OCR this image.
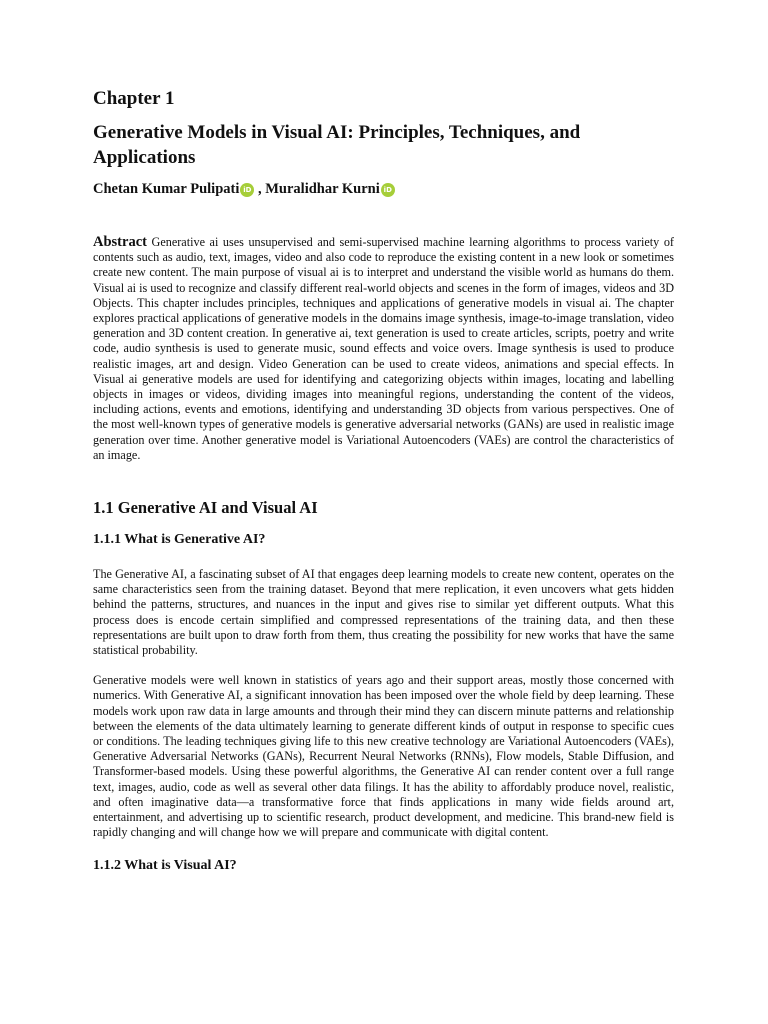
Chapter 1
Generative Models in Visual AI: Principles, Techniques, and Applications
Chetan Kumar Pulipati iD , Muralidhar Kurni iD

Abstract Generative ai uses unsupervised and semi-supervised machine learning algorithms to process variety of contents such as audio, text, images, video and also code to reproduce the existing content in a new look or sometimes create new content. The main purpose of visual ai is to interpret and understand the visible world as humans do them. Visual ai is used to recognize and classify different real-world objects and scenes in the form of images, videos and 3D Objects. This chapter includes principles, techniques and applications of generative models in visual ai. The chapter explores practical applications of generative models in the domains image synthesis, image-to-image translation, video generation and 3D content creation. In generative ai, text generation is used to create articles, scripts, poetry and write code, audio synthesis is used to generate music, sound effects and voice overs. Image synthesis is used to produce realistic images, art and design. Video Generation can be used to create videos, animations and special effects. In Visual ai generative models are used for identifying and categorizing objects within images, locating and labelling objects in images or videos, dividing images into meaningful regions, understanding the content of the videos, including actions, events and emotions, identifying and understanding 3D objects from various perspectives. One of the most well-known types of generative models is generative adversarial networks (GANs) are used in realistic image generation over time. Another generative model is Variational Autoencoders (VAEs) are control the characteristics of an image.

1.1 Generative AI and Visual AI
1.1.1 What is Generative AI?

The Generative AI, a fascinating subset of AI that engages deep learning models to create new content, operates on the same characteristics seen from the training dataset. Beyond that mere replication, it even uncovers what gets hidden behind the patterns, structures, and nuances in the input and gives rise to similar yet different outputs. What this process does is encode certain simplified and compressed representations of the training data, and then these representations are built upon to draw forth from them, thus creating the possibility for new works that have the same statistical probability.

Generative models were well known in statistics of years ago and their support areas, mostly those concerned with numerics. With Generative AI, a significant innovation has been imposed over the whole field by deep learning. These models work upon raw data in large amounts and through their mind they can discern minute patterns and relationship between the elements of the data ultimately learning to generate different kinds of output in response to specific cues or conditions. The leading techniques giving life to this new creative technology are Variational Autoencoders (VAEs), Generative Adversarial Networks (GANs), Recurrent Neural Networks (RNNs), Flow models, Stable Diffusion, and Transformer-based models. Using these powerful algorithms, the Generative AI can render content over a full range text, images, audio, code as well as several other data filings. It has the ability to affordably produce novel, realistic, and often imaginative data—a transformative force that finds applications in many wide fields around art, entertainment, and advertising up to scientific research, product development, and medicine. This brand-new field is rapidly changing and will change how we will prepare and communicate with digital content.

1.1.2 What is Visual AI?
